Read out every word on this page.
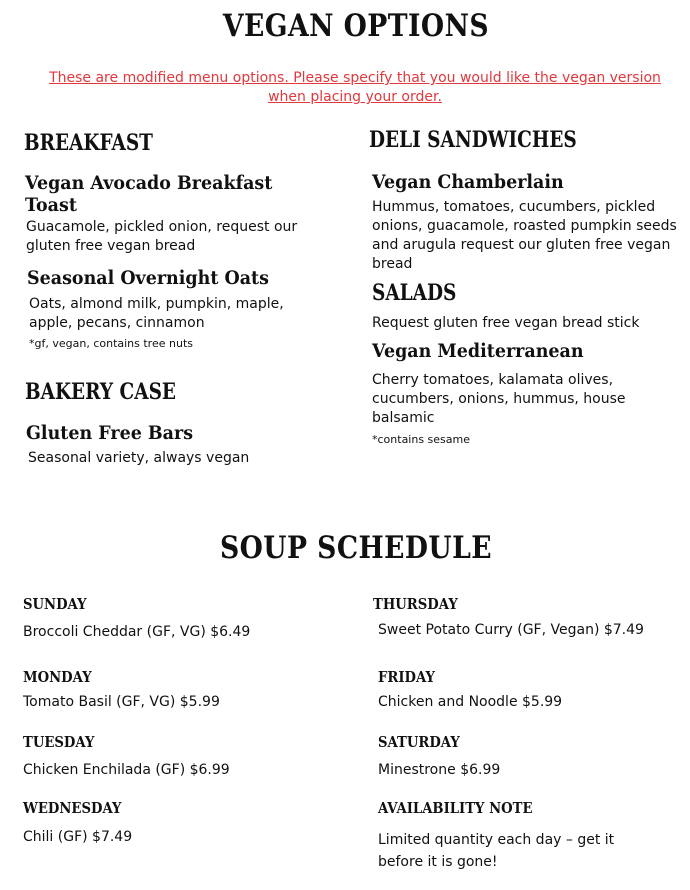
VEGAN OPTIONS
These are modified menu options. Please specify that you would like the vegan version when placing your order.
BREAKFAST
Vegan Avocado Breakfast Toast
Guacamole, pickled onion, request our gluten free vegan bread
Seasonal Overnight Oats
Oats, almond milk, pumpkin, maple, apple, pecans, cinnamon
*gf, vegan, contains tree nuts
BAKERY CASE
Gluten Free Bars
Seasonal variety, always vegan
DELI SANDWICHES
Vegan Chamberlain
Hummus, tomatoes, cucumbers, pickled onions, guacamole, roasted pumpkin seeds and arugula request our gluten free vegan bread
SALADS
Request gluten free vegan bread stick
Vegan Mediterranean
Cherry tomatoes, kalamata olives, cucumbers, onions, hummus, house balsamic
*contains sesame
SOUP SCHEDULE
SUNDAY
Broccoli Cheddar (GF, VG) $6.49
MONDAY
Tomato Basil (GF, VG) $5.99
TUESDAY
Chicken Enchilada (GF) $6.99
WEDNESDAY
Chili (GF) $7.49
THURSDAY
Sweet Potato Curry (GF, Vegan) $7.49
FRIDAY
Chicken and Noodle $5.99
SATURDAY
Minestrone $6.99
AVAILABILITY NOTE
Limited quantity each day – get it before it is gone!
